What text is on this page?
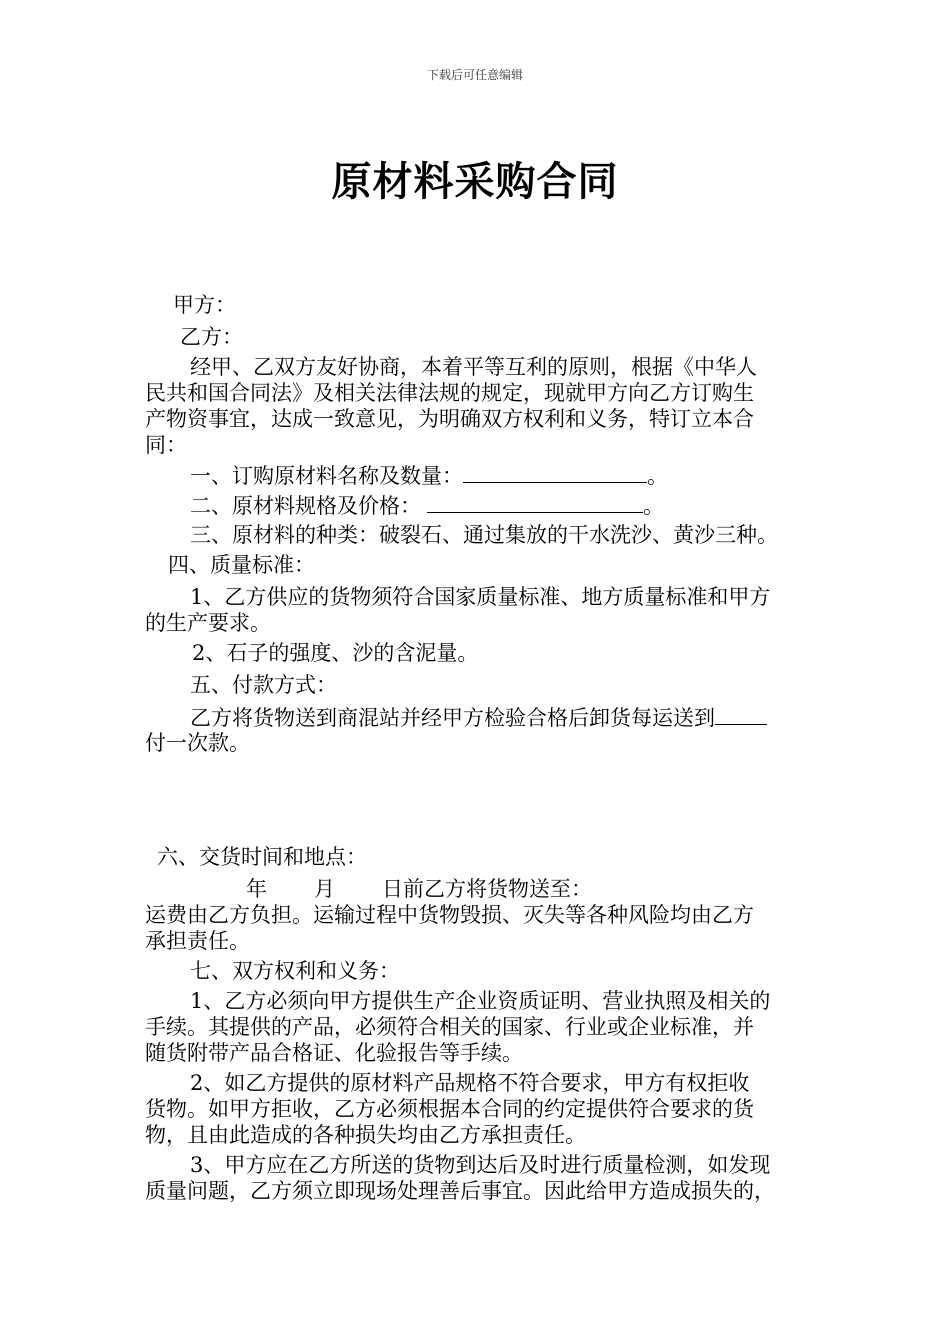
下载后可任意编辑
原材料采购合同
甲方：
乙方：
经甲、乙双方友好协商，本着平等互利的原则，根据《中华人
民共和国合同法》及相关法律法规的规定，现就甲方向乙方订购生
产物资事宜，达成一致意见，为明确双方权利和义务，特订立本合
同：
一、订购原材料名称及数量：	。
二、原材料规格及价格：	。
三、原材料的种类：破裂石、通过集放的干水洗沙、黄沙三种。
四、质量标准：
1、乙方供应的货物须符合国家质量标准、地方质量标准和甲方
的生产要求。
2、石子的强度、沙的含泥量。
五、付款方式：
乙方将货物送到商混站并经甲方检验合格后卸货每运送到
付一次款。
六、交货时间和地点：
年 月 日前乙方将货物送至：
运费由乙方负担。运输过程中货物毁损、灭失等各种风险均由乙方
承担责任。
七、双方权利和义务：
1、乙方必须向甲方提供生产企业资质证明、营业执照及相关的
手续。其提供的产品，必须符合相关的国家、行业或企业标准，并
随货附带产品合格证、化验报告等手续。
2、如乙方提供的原材料产品规格不符合要求，甲方有权拒收
货物。如甲方拒收，乙方必须根据本合同的约定提供符合要求的货
物，且由此造成的各种损失均由乙方承担责任。
3、甲方应在乙方所送的货物到达后及时进行质量检测，如发现
质量问题，乙方须立即现场处理善后事宜。因此给甲方造成损失的，
